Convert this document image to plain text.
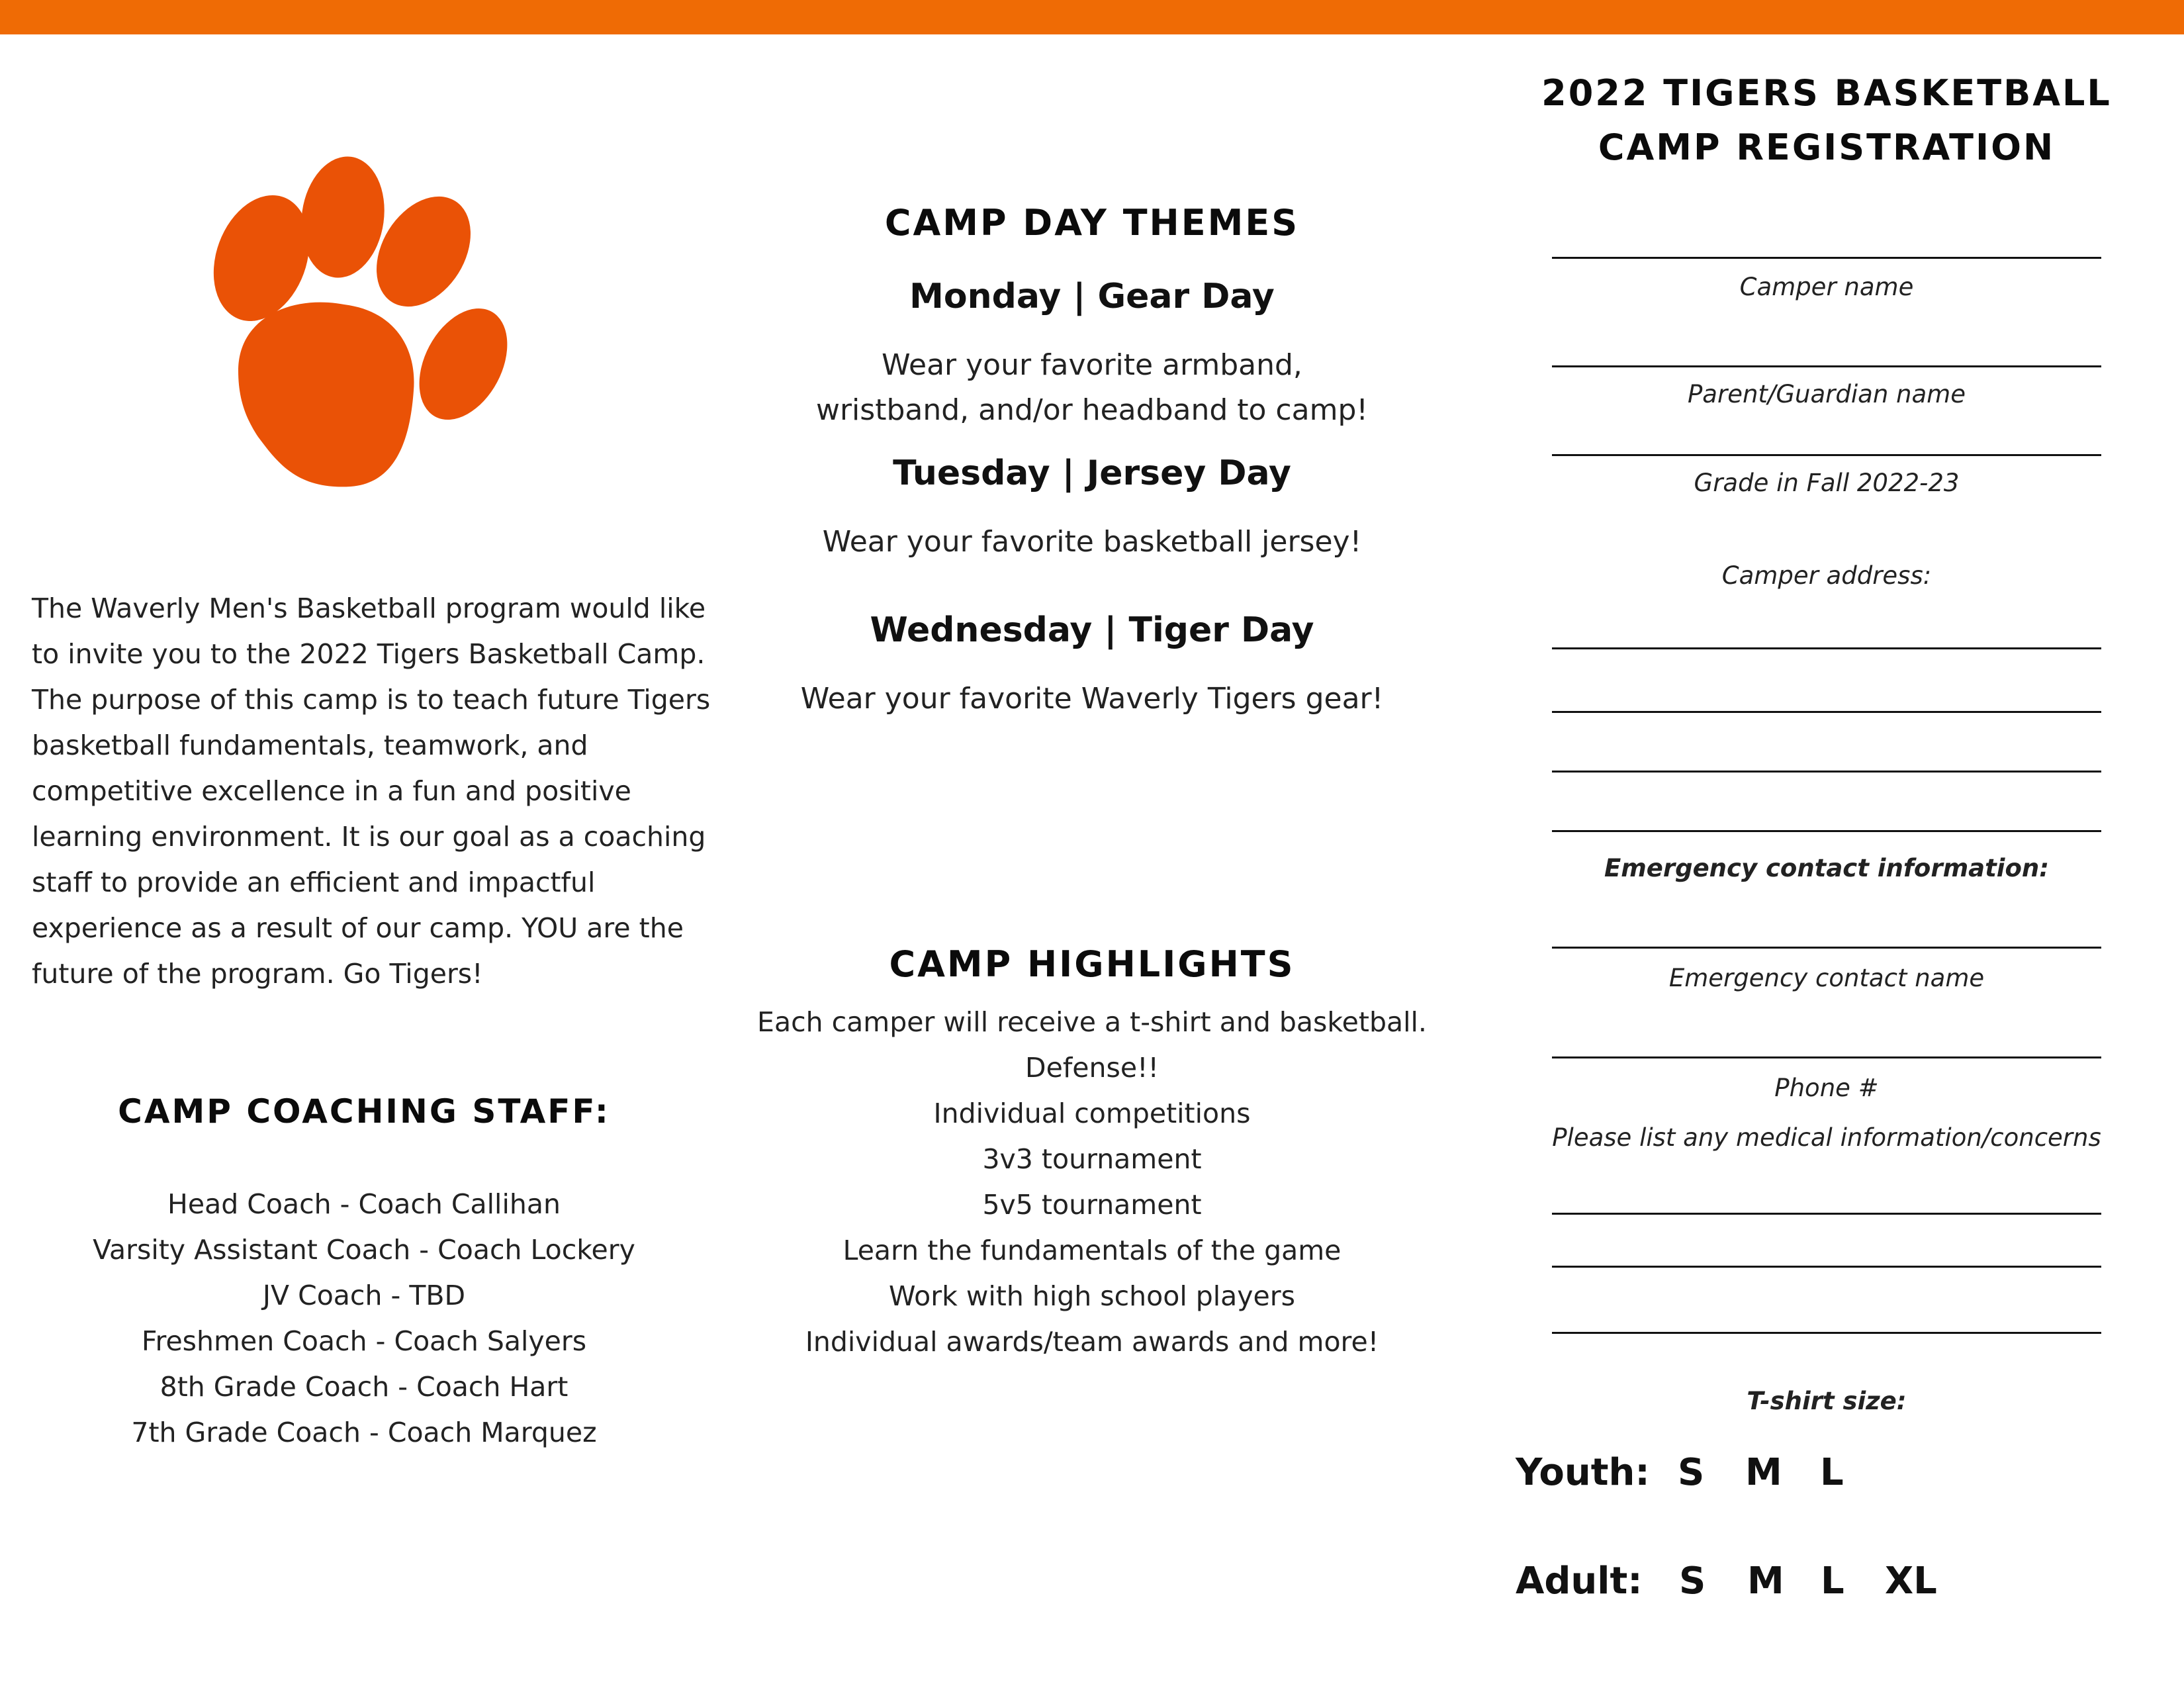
The Waverly Men's Basketball program would like to invite you to the 2022 Tigers Basketball Camp. The purpose of this camp is to teach future Tigers basketball fundamentals, teamwork, and competitive excellence in a fun and positive learning environment. It is our goal as a coaching staff to provide an efficient and impactful experience as a result of our camp. YOU are the future of the program. Go Tigers!
CAMP COACHING STAFF:
Head Coach - Coach Callihan
Varsity Assistant Coach - Coach Lockery
JV Coach - TBD
Freshmen Coach - Coach Salyers
8th Grade Coach - Coach Hart
7th Grade Coach - Coach Marquez
CAMP DAY THEMES
Monday | Gear Day
Wear your favorite armband,
wristband, and/or headband to camp!
Tuesday | Jersey Day
Wear your favorite basketball jersey!
Wednesday | Tiger Day
Wear your favorite Waverly Tigers gear!
CAMP HIGHLIGHTS
Each camper will receive a t-shirt and basketball.
Defense!!
Individual competitions
3v3 tournament
5v5 tournament
Learn the fundamentals of the game
Work with high school players
Individual awards/team awards and more!
2022 TIGERS BASKETBALL
CAMP REGISTRATION
Camper name
Parent/Guardian name
Grade in Fall 2022-23
Camper address:
Emergency contact information:
Emergency contact name
Phone #
Please list any medical information/concerns
T-shirt size:
Youth: S M L
Adult: S M L XL
